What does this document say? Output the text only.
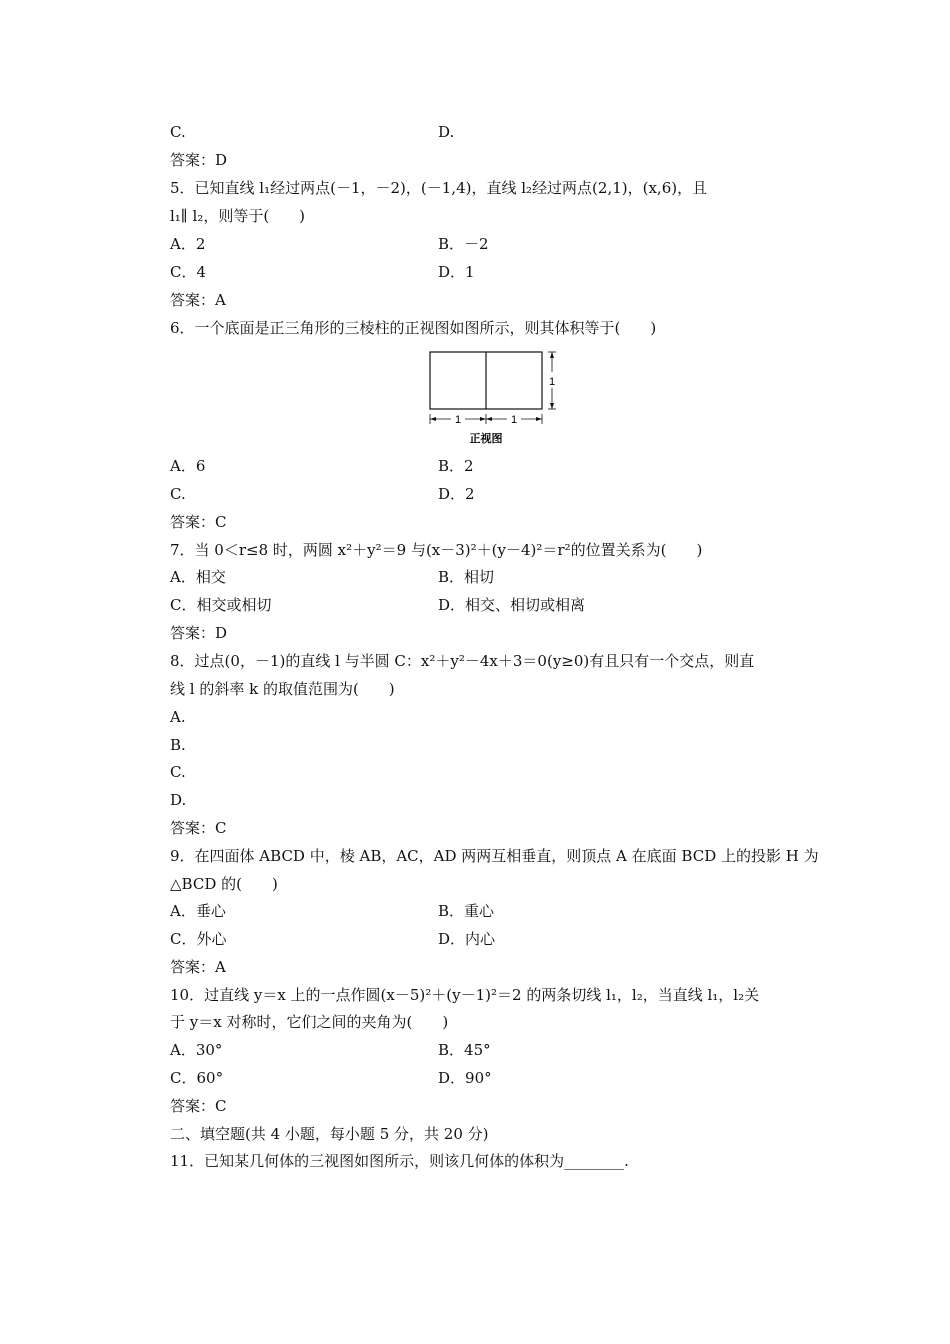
C.	D.
答案：D
5．已知直线 l₁经过两点(－1，－2)，(－1,4)，直线 l₂经过两点(2,1)，(x,6)，且
l₁∥ l₂，则等于(　　)
A．2	B．－2
C．4	D．1
答案：A
6．一个底面是正三角形的三棱柱的正视图如图所示，则其体积等于(　　)
1
1	1
正视图
A．6	B．2
C.	D．2
答案：C
7．当 0＜r≤8 时，两圆 x²＋y²＝9 与(x－3)²＋(y－4)²＝r²的位置关系为(　　)
A．相交	B．相切
C．相交或相切	D．相交、相切或相离
答案：D
8．过点(0，－1)的直线 l 与半圆 C：x²＋y²－4x＋3＝0(y≥0)有且只有一个交点，则直
线 l 的斜率 k 的取值范围为(　　)
A.
B.
C.
D.
答案：C
9．在四面体 ABCD 中，棱 AB，AC，AD 两两互相垂直，则顶点 A 在底面 BCD 上的投影 H 为
△BCD 的(　　)
A．垂心	B．重心
C．外心	D．内心
答案：A
10．过直线 y＝x 上的一点作圆(x－5)²＋(y－1)²＝2 的两条切线 l₁，l₂，当直线 l₁，l₂关
于 y＝x 对称时，它们之间的夹角为(　　)
A．30°	B．45°
C．60°	D．90°
答案：C
二、填空题(共 4 小题，每小题 5 分，共 20 分)
11．已知某几何体的三视图如图所示，则该几何体的体积为________.
